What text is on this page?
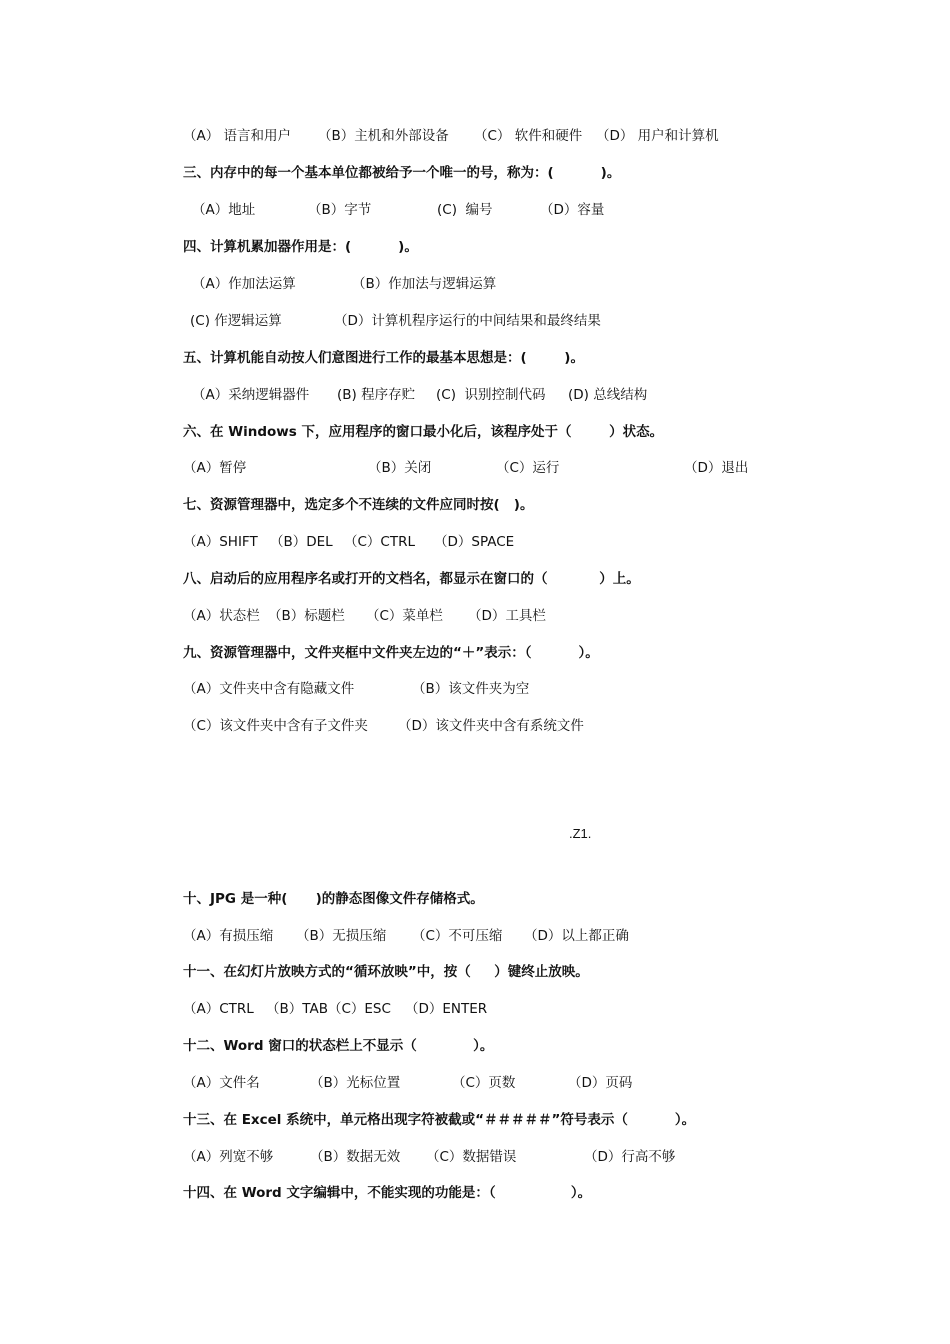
（A） 语言和用户

（B）主机和外部设备

（C） 软件和硬件

（D） 用户和计算机

三、内存中的每一个基本单位都被给予一个唯一的号，称为：(          )。

（A）地址

	（B）字节

	(C)  编号

	（D）容量

四、计算机累加器作用是：(          )。

（A）作加法运算

	（B）作加法与逻辑运算

(C) 作逻辑运算

	（D）计算机程序运行的中间结果和最终结果

五、计算机能自动按人们意图进行工作的最基本思想是：(        )。

（A）采纳逻辑器件

(B) 程序存贮

(C)  识别控制代码

(D) 总线结构

六、在 Windows 下，应用程序的窗口最小化后，该程序处于（        ）状态。

（A）暂停

	（B）关闭

	（C）运行

	（D）退出

七、资源管理器中，选定多个不连续的文件应同时按(   )。

（A）SHIFT

（B）DEL

（C）CTRL

（D）SPACE

八、启动后的应用程序名或打开的文档名，都显示在窗口的（           ）上。

（A）状态栏

（B）标题栏

（C）菜单栏

（D）工具栏

九、资源管理器中，文件夹框中文件夹左边的“＋”表示：（          ）。

（A）文件夹中含有隐藏文件

	（B）该文件夹为空

（C）该文件夹中含有子文件夹

（D）该文件夹中含有系统文件

.Z1.

十、JPG 是一种(      )的静态图像文件存储格式。

（A）有损压缩

（B）无损压缩

（C）不可压缩

（D）以上都正确

十一、在幻灯片放映方式的“循环放映”中，按（     ）键终止放映。

（A）CTRL

（B）TAB（C）ESC

（D）ENTER

十二、Word 窗口的状态栏上不显示（            ）。

（A）文件名

	（B）光标位置

	（C）页数

	（D）页码

十三、在 Excel 系统中，单元格出现字符被截或“＃＃＃＃＃”符号表示（          ）。

（A）列宽不够

	（B）数据无效

（C）数据错误

	（D）行高不够

十四、在 Word 文字编辑中，不能实现的功能是：（                ）。
